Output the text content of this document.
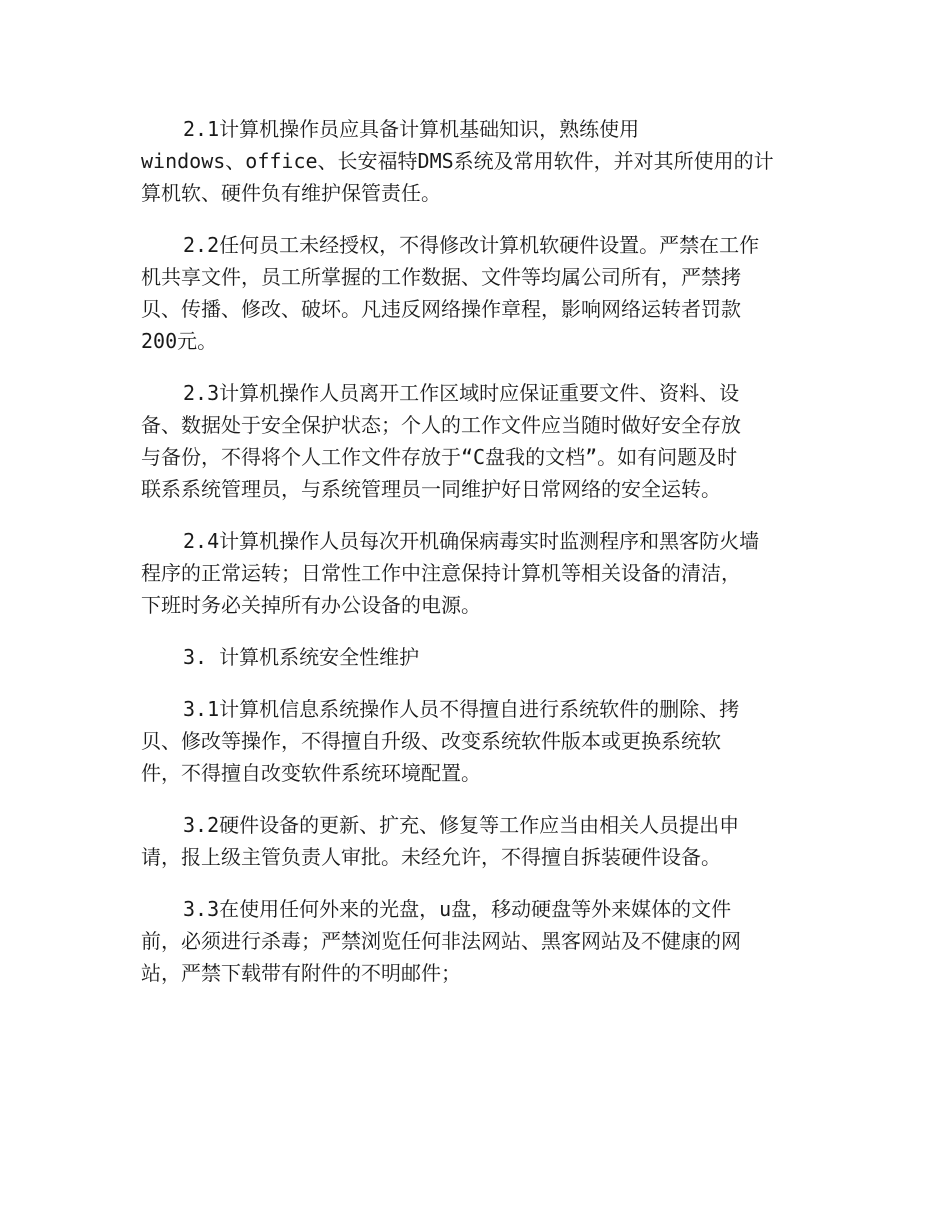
2.1计算机操作员应具备计算机基础知识，熟练使用
windows、office、长安福特DMS系统及常用软件，并对其所使用的计
算机软、硬件负有维护保管责任。

2.2任何员工未经授权，不得修改计算机软硬件设置。严禁在工作
机共享文件，员工所掌握的工作数据、文件等均属公司所有，严禁拷
贝、传播、修改、破坏。凡违反网络操作章程，影响网络运转者罚款
200元。

2.3计算机操作人员离开工作区域时应保证重要文件、资料、设
备、数据处于安全保护状态；个人的工作文件应当随时做好安全存放
与备份，不得将个人工作文件存放于“C盘我的文档”。如有问题及时
联系系统管理员，与系统管理员一同维护好日常网络的安全运转。

2.4计算机操作人员每次开机确保病毒实时监测程序和黑客防火墙
程序的正常运转；日常性工作中注意保持计算机等相关设备的清洁，
下班时务必关掉所有办公设备的电源。

3. 计算机系统安全性维护

3.1计算机信息系统操作人员不得擅自进行系统软件的删除、拷
贝、修改等操作，不得擅自升级、改变系统软件版本或更换系统软
件，不得擅自改变软件系统环境配置。

3.2硬件设备的更新、扩充、修复等工作应当由相关人员提出申
请，报上级主管负责人审批。未经允许，不得擅自拆装硬件设备。

3.3在使用任何外来的光盘，u盘，移动硬盘等外来媒体的文件
前，必须进行杀毒；严禁浏览任何非法网站、黑客网站及不健康的网
站，严禁下载带有附件的不明邮件；
